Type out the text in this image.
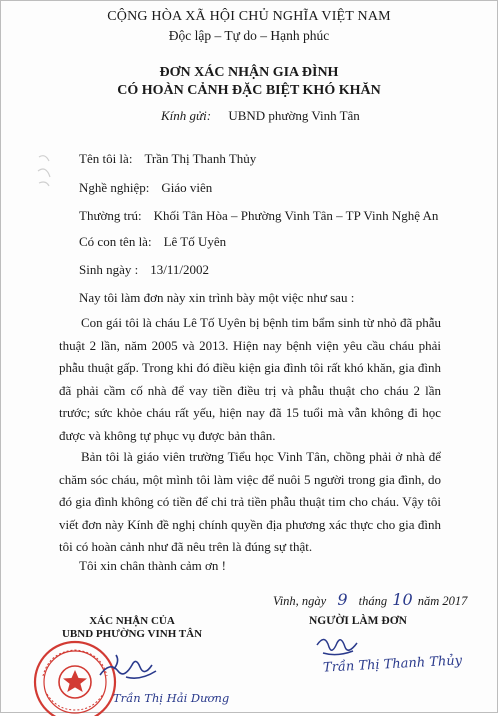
CỘNG HÒA XÃ HỘI CHỦ NGHĨA VIỆT NAM
Độc lập – Tự do – Hạnh phúc
ĐƠN XÁC NHẬN GIA ĐÌNH
CÓ HOÀN CẢNH ĐẶC BIỆT KHÓ KHĂN
Kính gửi: UBND phường Vinh Tân
Tên tôi là: Trần Thị Thanh Thủy
Nghề nghiệp: Giáo viên
Thường trú: Khối Tân Hòa – Phường Vinh Tân – TP Vinh Nghệ An
Có con tên là: Lê Tố Uyên
Sinh ngày : 13/11/2002
Nay tôi làm đơn này xin trình bày một việc như sau :
Con gái tôi là cháu Lê Tố Uyên bị bệnh tim bẩm sinh từ nhỏ đã phẫu thuật 2 lần, năm 2005 và 2013. Hiện nay bệnh viện yêu cầu cháu phải phẫu thuật gấp. Trong khi đó điều kiện gia đình tôi rất khó khăn, gia đình đã phải cầm cố nhà để vay tiền điều trị và phẫu thuật cho cháu 2 lần trước; sức khỏe cháu rất yếu, hiện nay đã 15 tuổi mà vẫn không đi học được và không tự phục vụ được bản thân.
Bản tôi là giáo viên trường Tiểu học Vinh Tân, chồng phải ở nhà để chăm sóc cháu, một mình tôi làm việc để nuôi 5 người trong gia đình, do đó gia đình không có tiền để chi trả tiền phẫu thuật tim cho cháu. Vậy tôi viết đơn này Kính đề nghị chính quyền địa phương xác thực cho gia đình tôi có hoàn cảnh như đã nêu trên là đúng sự thật.
Tôi xin chân thành cảm ơn !
Vinh, ngày 9 tháng 10 năm 2017
XÁC NHẬN CỦA
UBND PHƯỜNG VINH TÂN
NGƯỜI LÀM ĐƠN
Trần Thị Hải Dương
Trần Thị Thanh Thủy
